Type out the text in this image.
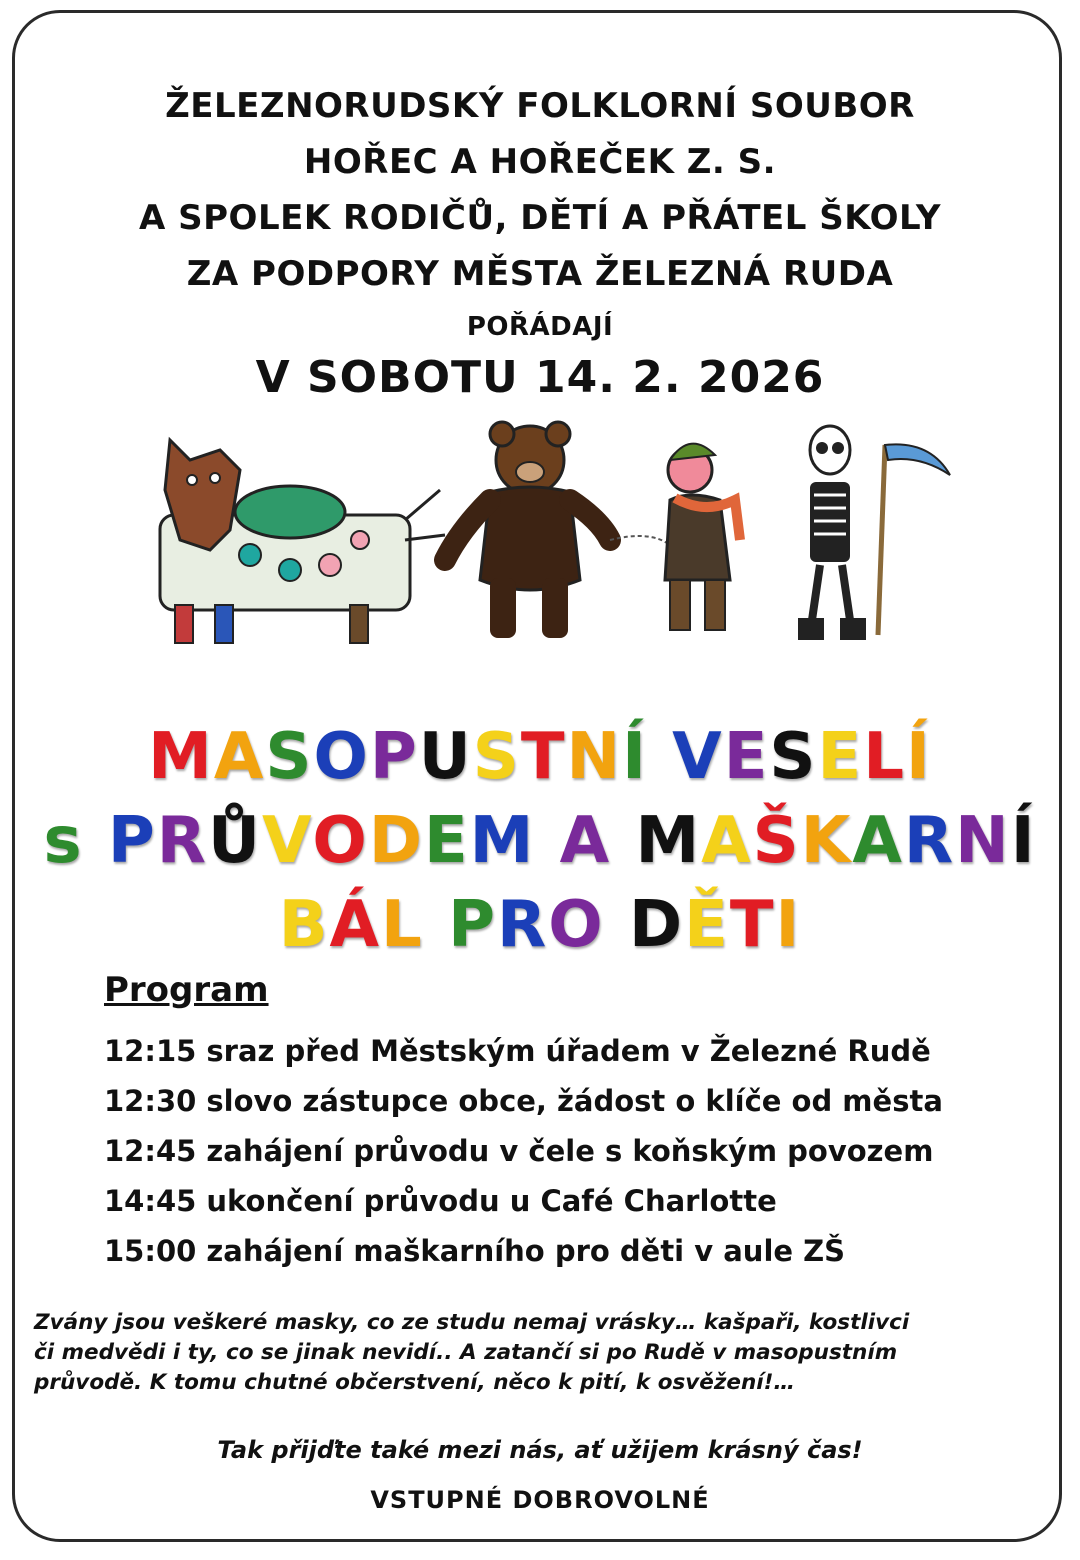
ŽELEZNORUDSKÝ FOLKLORNÍ SOUBOR
HOŘEC A HOŘEČEK Z. S.
A SPOLEK RODIČŮ, DĚTÍ A PŘÁTEL ŠKOLY
ZA PODPORY MĚSTA ŽELEZNÁ RUDA
POŘÁDAJÍ
V SOBOTU 14. 2. 2026
MASOPUSTNÍ VESELÍ
s PRŮVODEM A MAŠKARNÍ
BÁL PRO DĚTI
Program
12:15 sraz před Městským úřadem v Železné Rudě
12:30 slovo zástupce obce, žádost o klíče od města
12:45 zahájení průvodu v čele s koňským povozem
14:45 ukončení průvodu u Café Charlotte
15:00 zahájení maškarního pro děti v aule ZŠ
Zvány jsou veškeré masky, co ze studu nemaj vrásky… kašpaři, kostlivci
či medvědi i ty, co se jinak nevidí.. A zatančí si po Rudě v masopustním
průvodě. K tomu chutné občerstvení, něco k pití, k osvěžení!…
Tak přijďte také mezi nás, ať užijem krásný čas!
VSTUPNÉ DOBROVOLNÉ
